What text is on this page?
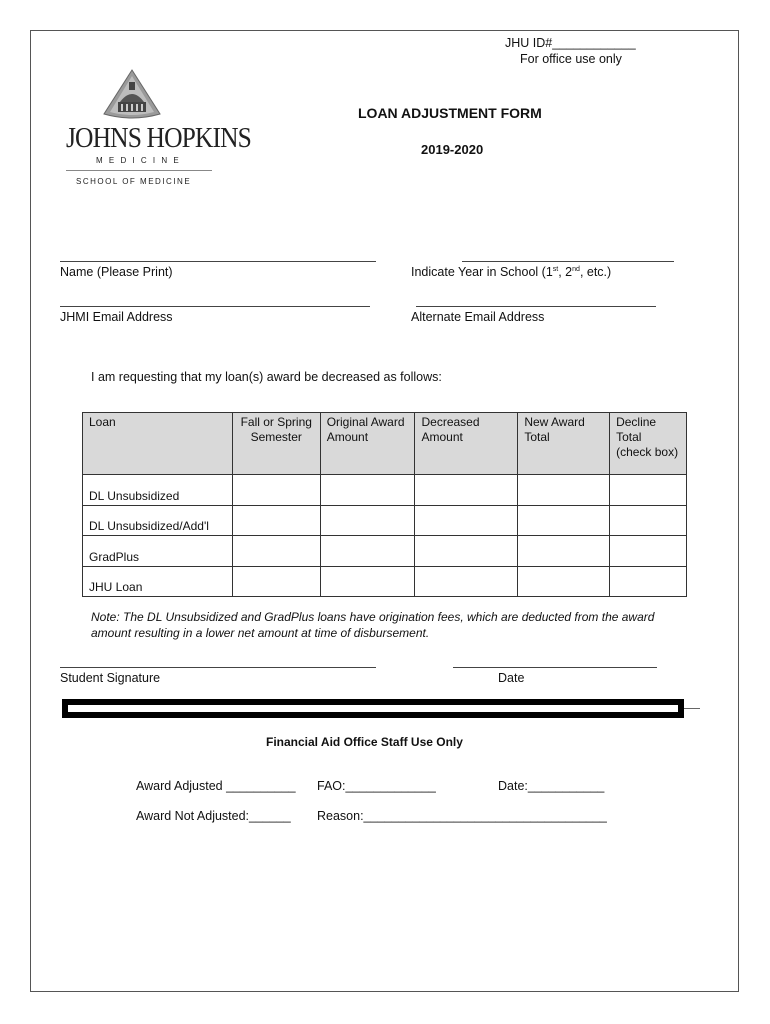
JHU ID#____________
For office use only
JOHNS HOPKINS
M E D I C I N E
SCHOOL OF MEDICINE
LOAN ADJUSTMENT FORM
2019-2020
Name (Please Print)	Indicate Year in School (1st, 2nd, etc.)
JHMI Email Address	Alternate Email Address
I am requesting that my loan(s) award be decreased as follows:
Loan	Fall or Spring Semester	Original Award Amount	Decreased Amount	New Award Total	Decline Total (check box)
DL Unsubsidized					
DL Unsubsidized/Add'l					
GradPlus					
JHU Loan					
Note: The DL Unsubsidized and GradPlus loans have origination fees, which are deducted from the award amount resulting in a lower net amount at time of disbursement.
Student Signature	Date
Financial Aid Office Staff Use Only
Award Adjusted __________ FAO:_____________	Date:___________
Award Not Adjusted:______ Reason:___________________________________
